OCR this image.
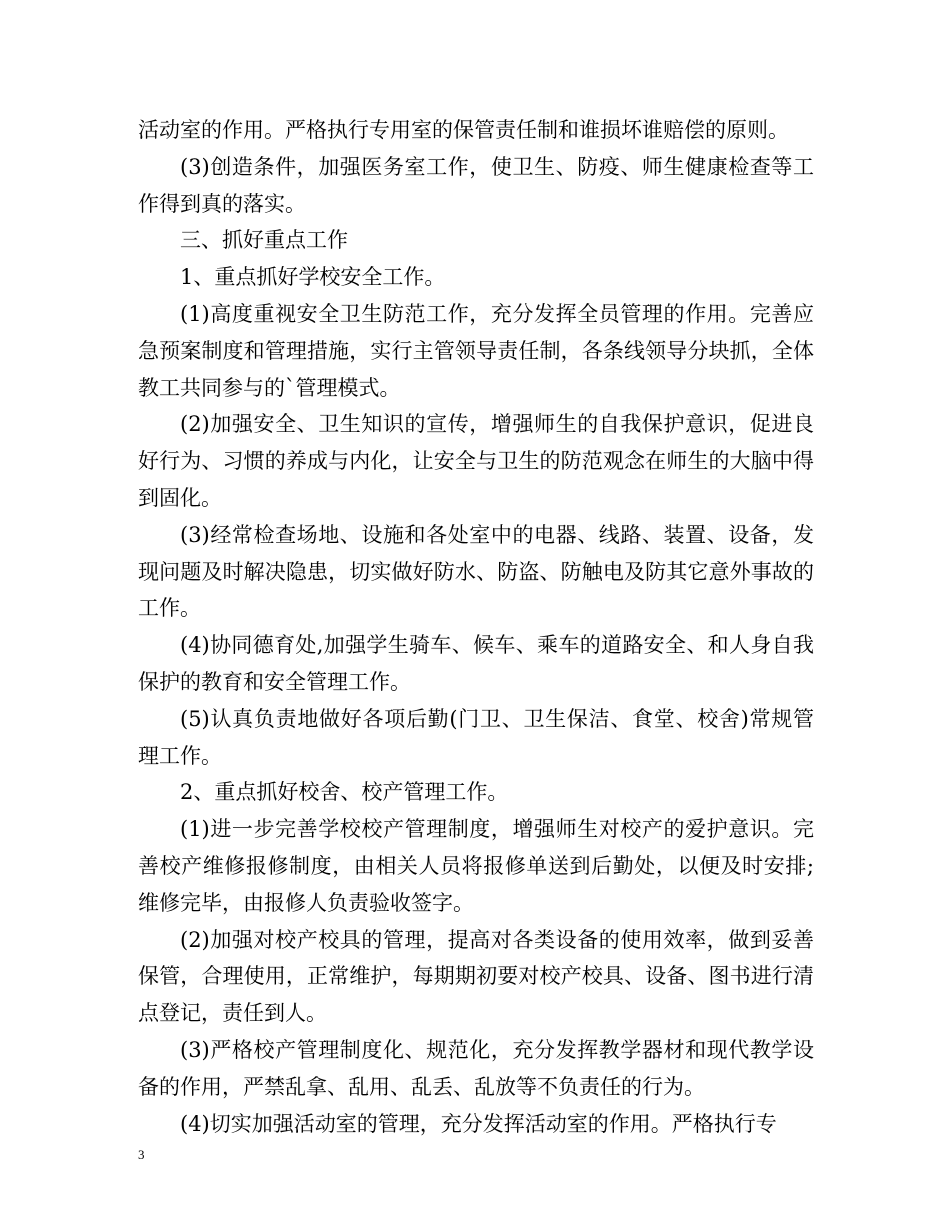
活动室的作用。严格执行专用室的保管责任制和谁损坏谁赔偿的原则。

(3)创造条件，加强医务室工作，使卫生、防疫、师生健康检查等工作得到真的落实。

三、抓好重点工作

1、重点抓好学校安全工作。

(1)高度重视安全卫生防范工作，充分发挥全员管理的作用。完善应急预案制度和管理措施，实行主管领导责任制，各条线领导分块抓，全体教工共同参与的`管理模式。

(2)加强安全、卫生知识的宣传，增强师生的自我保护意识，促进良好行为、习惯的养成与内化，让安全与卫生的防范观念在师生的大脑中得到固化。

(3)经常检查场地、设施和各处室中的电器、线路、装置、设备，发现问题及时解决隐患，切实做好防水、防盗、防触电及防其它意外事故的工作。

(4)协同德育处,加强学生骑车、候车、乘车的道路安全、和人身自我保护的教育和安全管理工作。

(5)认真负责地做好各项后勤(门卫、卫生保洁、食堂、校舍)常规管理工作。

2、重点抓好校舍、校产管理工作。

(1)进一步完善学校校产管理制度，增强师生对校产的爱护意识。完善校产维修报修制度，由相关人员将报修单送到后勤处，以便及时安排;维修完毕，由报修人负责验收签字。

(2)加强对校产校具的管理，提高对各类设备的使用效率，做到妥善保管，合理使用，正常维护，每期期初要对校产校具、设备、图书进行清点登记，责任到人。

(3)严格校产管理制度化、规范化，充分发挥教学器材和现代教学设备的作用，严禁乱拿、乱用、乱丢、乱放等不负责任的行为。

(4)切实加强活动室的管理，充分发挥活动室的作用。严格执行专

3
